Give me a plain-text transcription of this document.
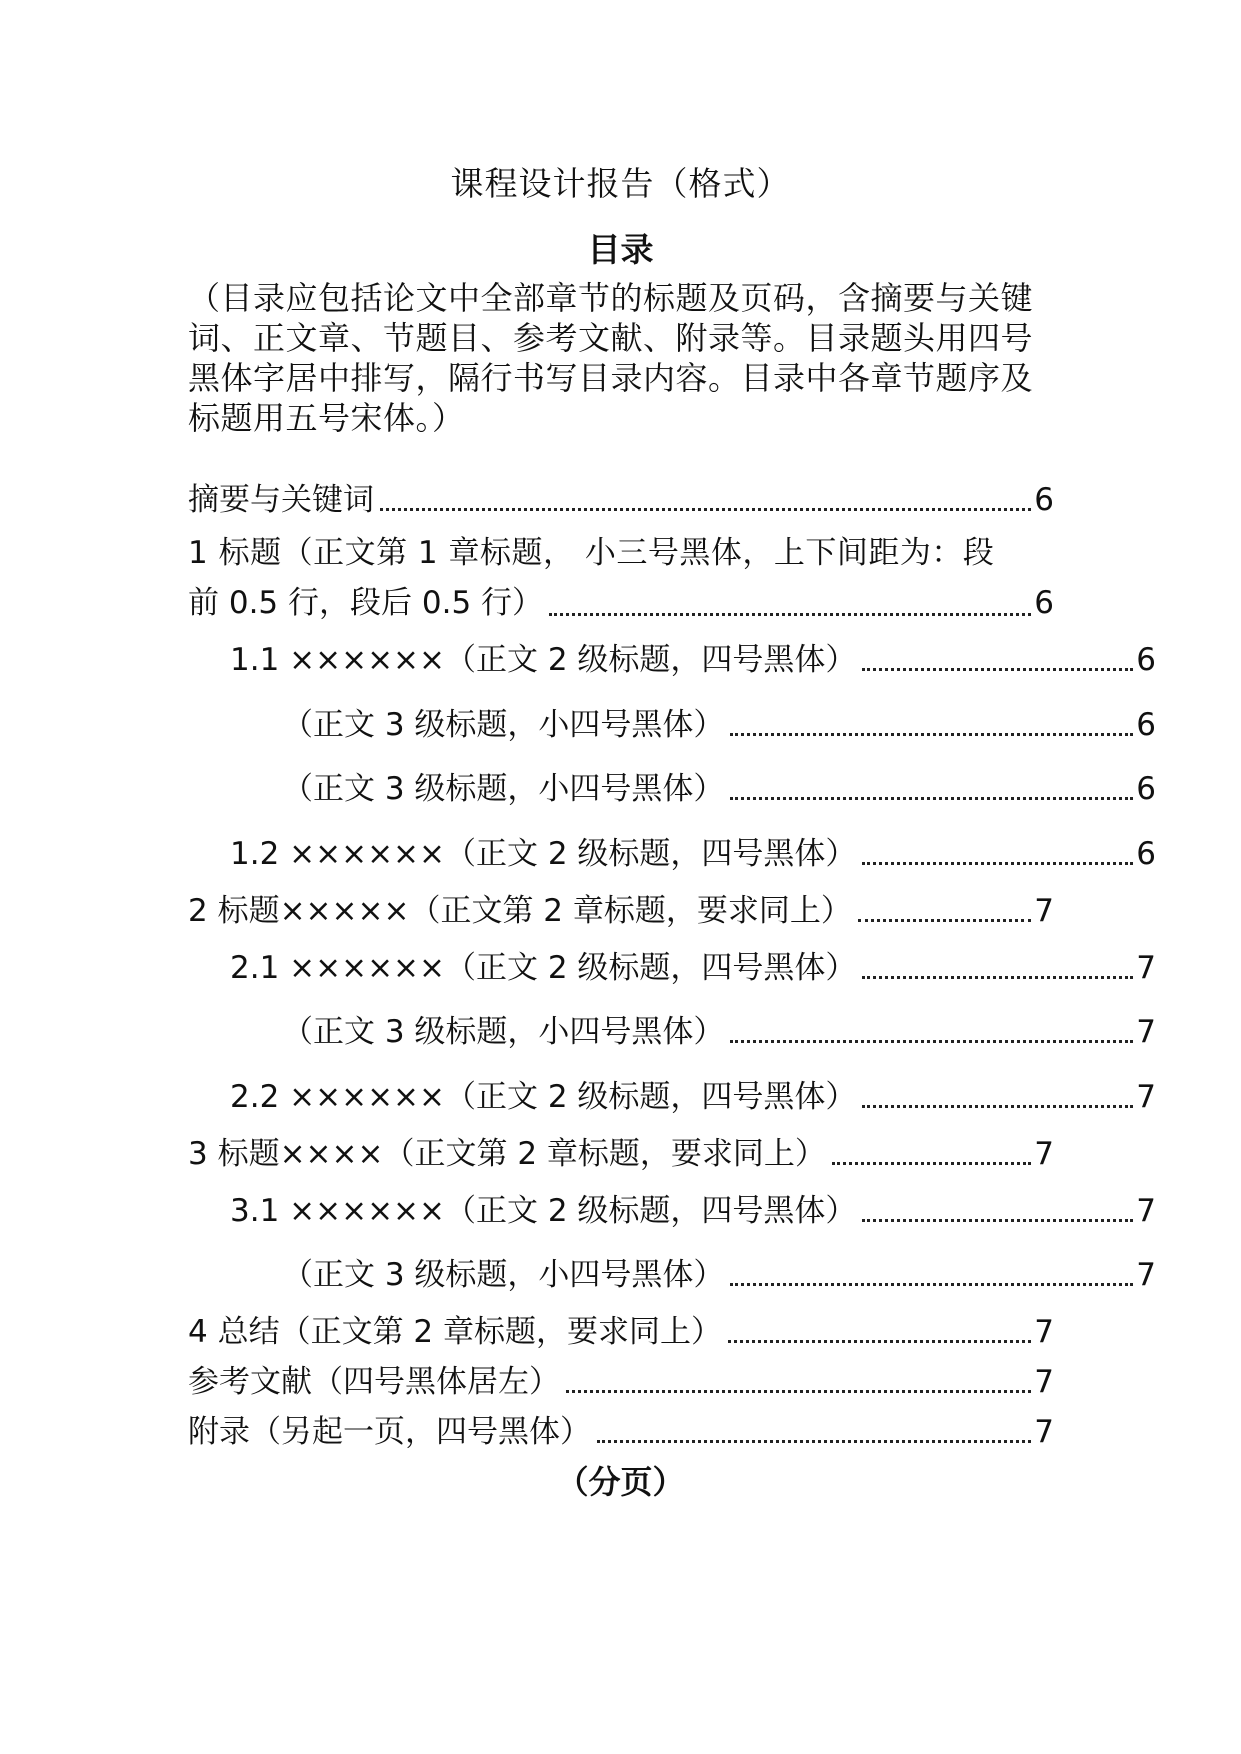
课程设计报告（格式）
目录

（目录应包括论文中全部章节的标题及页码，含摘要与关键词、正文章、节题目、参考文献、附录等。目录题头用四号黑体字居中排写，隔行书写目录内容。目录中各章节题序及标题用五号宋体。）

摘要与关键词	6
1 标题（正文第 1 章标题， 小三号黑体，上下间距为：段
前 0.5 行，段后 0.5 行）	6
1.1 ××××××（正文 2 级标题，四号黑体）	6
（正文 3 级标题，小四号黑体）	6
（正文 3 级标题，小四号黑体）	6
1.2 ××××××（正文 2 级标题，四号黑体）	6
2 标题×××××（正文第 2 章标题，要求同上）	7
2.1 ××××××（正文 2 级标题，四号黑体）	7
（正文 3 级标题，小四号黑体）	7
2.2 ××××××（正文 2 级标题，四号黑体）	7
3 标题××××（正文第 2 章标题，要求同上）	7
3.1 ××××××（正文 2 级标题，四号黑体）	7
（正文 3 级标题，小四号黑体）	7
4 总结（正文第 2 章标题，要求同上）	7
参考文献（四号黑体居左）	7
附录（另起一页，四号黑体）	7
（分页）
